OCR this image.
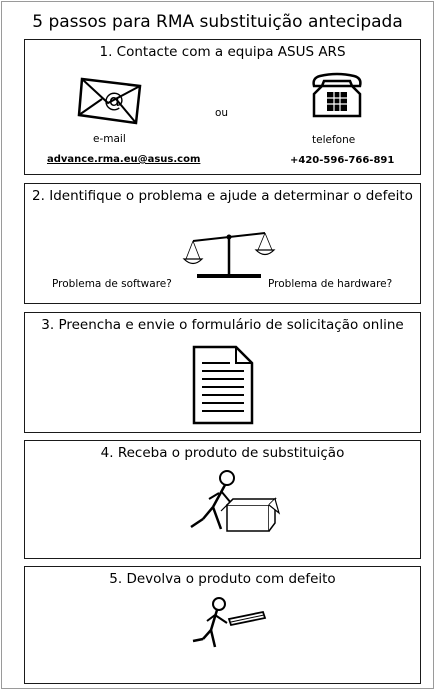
5 passos para RMA substituição antecipada
1. Contacte com a equipa ASUS ARS
@
ou
e-mail	telefone
advance.rma.eu@asus.com	+420-596-766-891
2. Identifique o problema e ajude a determinar o defeito
Problema de software?	Problema de hardware?
3. Preencha e envie o formulário de solicitação online
4. Receba o produto de substituição
5. Devolva o produto com defeito
